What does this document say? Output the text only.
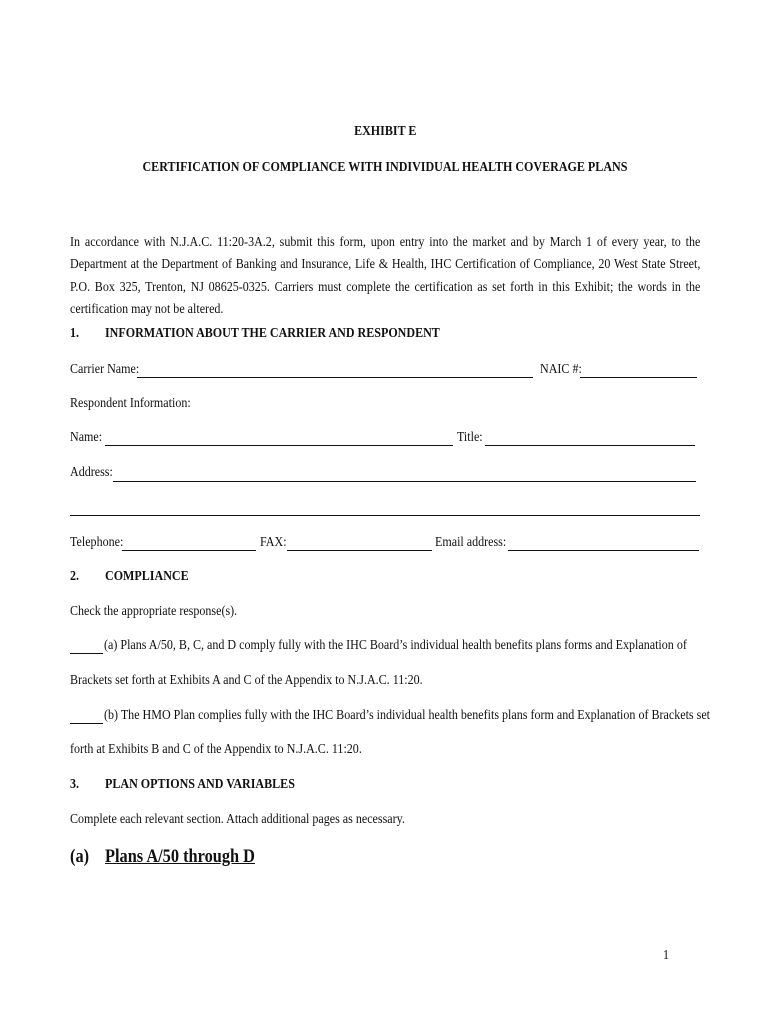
EXHIBIT E
CERTIFICATION OF COMPLIANCE WITH INDIVIDUAL HEALTH COVERAGE PLANS
In accordance with N.J.A.C. 11:20-3A.2, submit this form, upon entry into the market and by March 1 of every year, to the Department at the Department of Banking and Insurance, Life & Health, IHC Certification of Compliance, 20 West State Street, P.O. Box 325, Trenton, NJ 08625-0325. Carriers must complete the certification as set forth in this Exhibit; the words in the certification may not be altered.
1. INFORMATION ABOUT THE CARRIER AND RESPONDENT
Carrier Name:	NAIC #:
Respondent Information:
Name:	Title:
Address:
Telephone:	FAX:	Email address:
2. COMPLIANCE
Check the appropriate response(s).
(a) Plans A/50, B, C, and D comply fully with the IHC Board’s individual health benefits plans forms and Explanation of
Brackets set forth at Exhibits A and C of the Appendix to N.J.A.C. 11:20.
(b) The HMO Plan complies fully with the IHC Board’s individual health benefits plans form and Explanation of Brackets set
forth at Exhibits B and C of the Appendix to N.J.A.C. 11:20.
3. PLAN OPTIONS AND VARIABLES
Complete each relevant section. Attach additional pages as necessary.
(a) Plans A/50 through D
1
